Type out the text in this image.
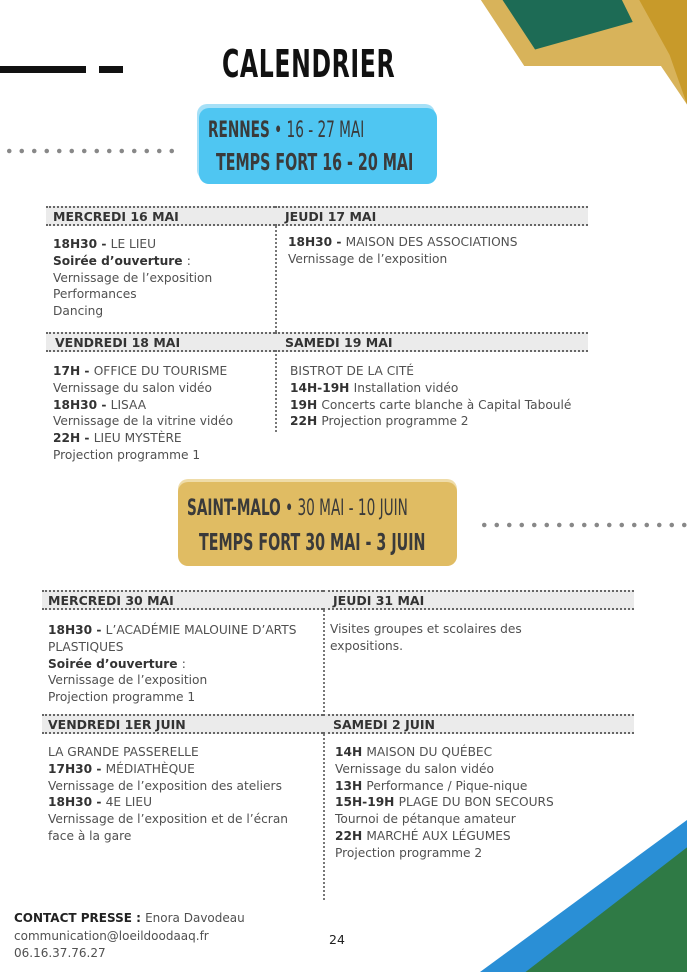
CALENDRIER
RENNES • 16 - 27 MAI
TEMPS FORT 16 - 20 MAI
SAINT-MALO • 30 MAI - 10 JUIN
TEMPS FORT 30 MAI - 3 JUIN
MERCREDI 16 MAI
18H30 - LE LIEU
Soirée d’ouverture :
Vernissage de l’exposition
Performances
Dancing
JEUDI 17 MAI
18H30 - MAISON DES ASSOCIATIONS
Vernissage de l’exposition
VENDREDI 18 MAI
17H - OFFICE DU TOURISME
Vernissage du salon vidéo
18H30 - LISAA
Vernissage de la vitrine vidéo
22H - LIEU MYSTÈRE
Projection programme 1
SAMEDI 19 MAI
BISTROT DE LA CITÉ
14H-19H Installation vidéo
19H Concerts carte blanche à Capital Taboulé
22H Projection programme 2
MERCREDI 30 MAI
18H30 - L’ACADÉMIE MALOUINE D’ARTS
PLASTIQUES
Soirée d’ouverture :
Vernissage de l’exposition
Projection programme 1
JEUDI 31 MAI
Visites groupes et scolaires des
expositions.
VENDREDI 1ER JUIN
LA GRANDE PASSERELLE
17H30 - MÉDIATHÈQUE
Vernissage de l’exposition des ateliers
18H30 - 4E LIEU
Vernissage de l’exposition et de l’écran
face à la gare
SAMEDI 2 JUIN
14H MAISON DU QUÉBEC
Vernissage du salon vidéo
13H Performance / Pique-nique
15H-19H PLAGE DU BON SECOURS
Tournoi de pétanque amateur
22H MARCHÉ AUX LÉGUMES
Projection programme 2
CONTACT PRESSE : Enora Davodeau
communication@loeildoodaaq.fr
06.16.37.76.27
24
